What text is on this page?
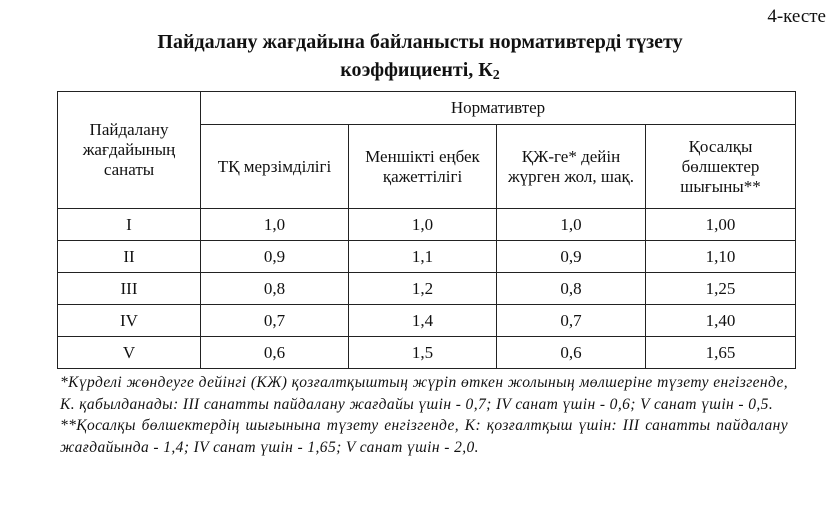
4-кесте
Пайдалану жағдайына байланысты нормативтерді түзету
коэффициенті, $К_2$
Пайдалану жағдайының санаты	Нормативтер			
	ТҚ мерзімділігі	Меншікті еңбек қажеттілігі	ҚЖ-ге* дейін жүрген жол, шақ.	Қосалқы бөлшектер шығыны**
І	1,0	1,0	1,0	1,00
ІІ	0,9	1,1	0,9	1,10
ІІІ	0,8	1,2	0,8	1,25
IV	0,7	1,4	0,7	1,40
V	0,6	1,5	0,6	1,65

*Күрделі жөндеуге дейінгі (КЖ) қозғалтқыштың жүріп өткен жолының мөлшеріне түзету енгізгенде, К. қабылданады: ІІІ санатты пайдалану жағдайы үшін - 0,7; IV санат үшін - 0,6; V санат үшін - 0,5.

**Қосалқы бөлшектердің шығынына түзету енгізгенде, К: қозғалтқыш үшін: ІІІ санатты пайдалану жағдайында - 1,4; IV санат үшін - 1,65; V санат үшін - 2,0.
